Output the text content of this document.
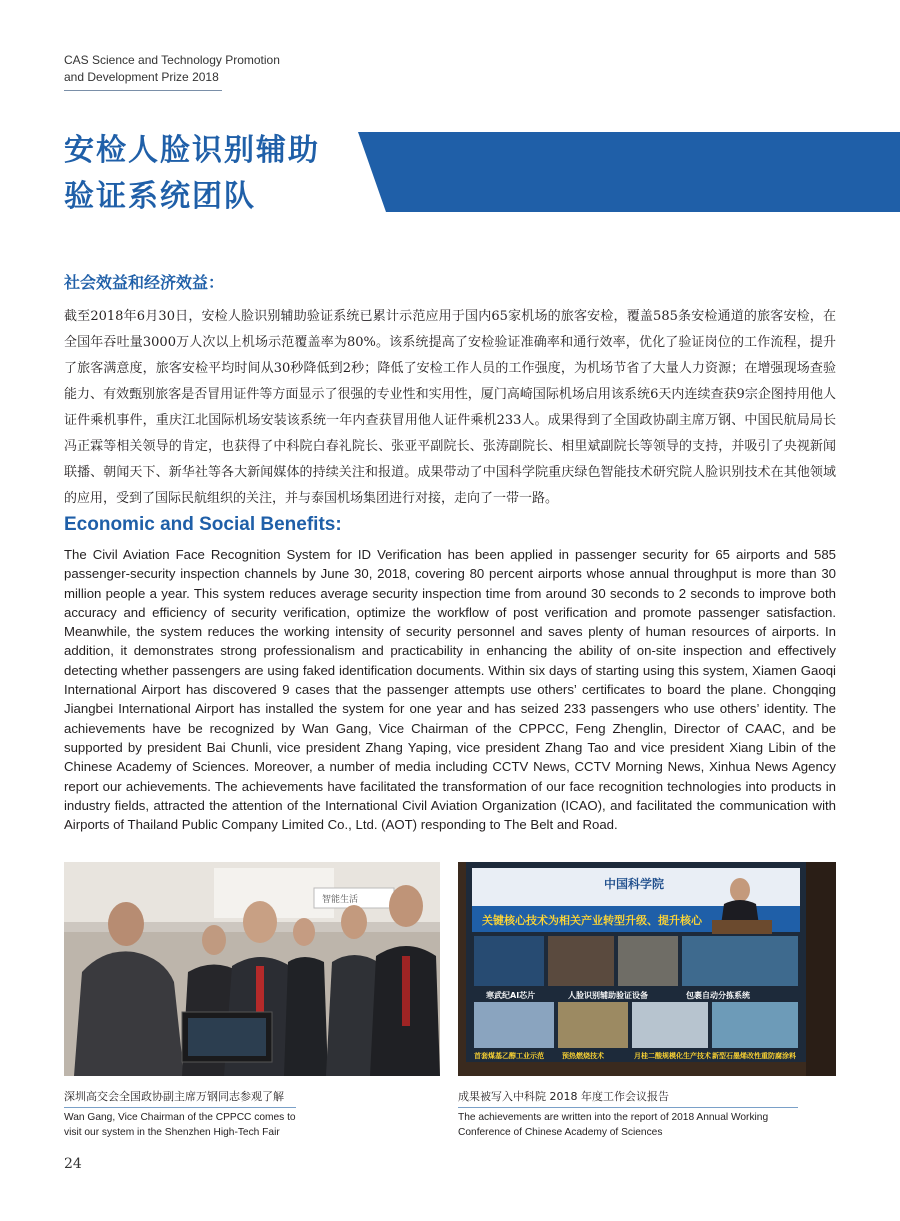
CAS Science and Technology Promotion
and Development Prize 2018
安检人脸识别辅助
验证系统团队
社会效益和经济效益：
截至2018年6月30日，安检人脸识别辅助验证系统已累计示范应用于国内65家机场的旅客安检，覆盖585条安检通道的旅客安检，在全国年吞吐量3000万人次以上机场示范覆盖率为80%。该系统提高了安检验证准确率和通行效率，优化了验证岗位的工作流程，提升了旅客满意度，旅客安检平均时间从30秒降低到2秒；降低了安检工作人员的工作强度，为机场节省了大量人力资源；在增强现场查验能力、有效甄别旅客是否冒用证件等方面显示了很强的专业性和实用性，厦门高崎国际机场启用该系统6天内连续查获9宗企图持用他人证件乘机事件，重庆江北国际机场安装该系统一年内查获冒用他人证件乘机233人。成果得到了全国政协副主席万钢、中国民航局局长冯正霖等相关领导的肯定，也获得了中科院白春礼院长、张亚平副院长、张涛副院长、相里斌副院长等领导的支持，并吸引了央视新闻联播、朝闻天下、新华社等各大新闻媒体的持续关注和报道。成果带动了中国科学院重庆绿色智能技术研究院人脸识别技术在其他领域的应用，受到了国际民航组织的关注，并与泰国机场集团进行对接，走向了一带一路。
Economic and Social Benefits:
The Civil Aviation Face Recognition System for ID Verification has been applied in passenger security for 65 airports and 585 passenger-security inspection channels by June 30, 2018, covering 80 percent airports whose annual throughput is more than 30 million people a year. This system reduces average security inspection time from around 30 seconds to 2 seconds to improve both accuracy and efficiency of security verification, optimize the workflow of post verification and promote passenger satisfaction. Meanwhile, the system reduces the working intensity of security personnel and saves plenty of human resources of airports. In addition, it demonstrates strong professionalism and practicability in enhancing the ability of on-site inspection and effectively detecting whether passengers are using faked identification documents. Within six days of starting using this system, Xiamen Gaoqi International Airport has discovered 9 cases that the passenger attempts use others’ certificates to board the plane. Chongqing Jiangbei International Airport has installed the system for one year and has seized 233 passengers who use others’ identity. The achievements have be recognized by Wan Gang, Vice Chairman of the CPPCC, Feng Zhenglin, Director of CAAC, and be supported by president Bai Chunli, vice president Zhang Yaping, vice president Zhang Tao and vice president Xiang Libin of the Chinese Academy of Sciences. Moreover, a number of media including CCTV News, CCTV Morning News, Xinhua News Agency report our achievements. The achievements have facilitated the transformation of our face recognition technologies into products in industry fields, attracted the attention of the International Civil Aviation Organization (ICAO), and facilitated the communication with Airports of Thailand Public Company Limited Co., Ltd. (AOT) responding to The Belt and Road.
智能生活
深圳高交会全国政协副主席万钢同志参观了解
Wan Gang, Vice Chairman of the CPPCC comes to visit our system in the Shenzhen High-Tech Fair
中国科学院
关键核心技术为相关产业转型升级、提升核心
寒武纪AI芯片	人脸识别辅助验证设备	包裹自动分拣系统
首套煤基乙醇工业示范	预热燃烧技术	月桂二酸规模化生产技术 新型石墨烯改性重防腐涂料
成果被写入中科院 2018 年度工作会议报告
The achievements are written into the report of 2018 Annual Working Conference of Chinese Academy of Sciences
24
